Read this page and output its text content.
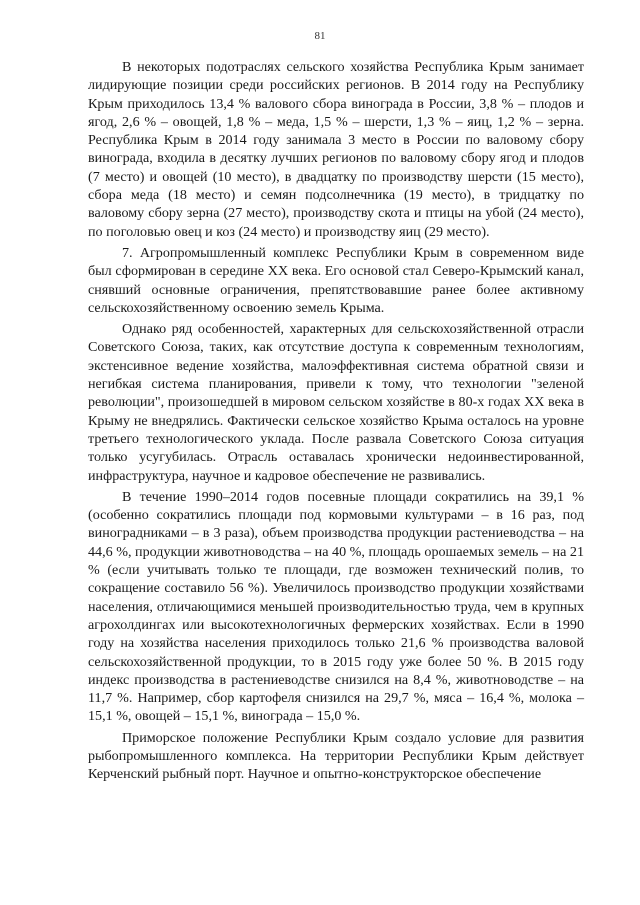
81

В некоторых подотраслях сельского хозяйства Республика Крым занимает лидирующие позиции среди российских регионов. В 2014 году на Республику Крым приходилось 13,4 % валового сбора винограда в России, 3,8 % – плодов и ягод, 2,6 % – овощей, 1,8 % – меда, 1,5 % – шерсти, 1,3 % – яиц, 1,2 % – зерна. Республика Крым в 2014 году занимала 3 место в России по валовому сбору винограда, входила в десятку лучших регионов по валовому сбору ягод и плодов (7 место) и овощей (10 место), в двадцатку по производству шерсти (15 место), сбора меда (18 место) и семян подсолнечника (19 место), в тридцатку по валовому сбору зерна (27 место), производству скота и птицы на убой (24 место), по поголовью овец и коз (24 место) и производству яиц (29 место).

7. Агропромышленный комплекс Республики Крым в современном виде был сформирован в середине XX века. Его основой стал Северо-Крымский канал, снявший основные ограничения, препятствовавшие ранее более активному сельскохозяйственному освоению земель Крыма.

Однако ряд особенностей, характерных для сельскохозяйственной отрасли Советского Союза, таких, как отсутствие доступа к современным технологиям, экстенсивное ведение хозяйства, малоэффективная система обратной связи и негибкая система планирования, привели к тому, что технологии "зеленой революции", произошедшей в мировом сельском хозяйстве в 80-х годах XX века в Крыму не внедрялись. Фактически сельское хозяйство Крыма осталось на уровне третьего технологического уклада. После развала Советского Союза ситуация только усугубилась. Отрасль оставалась хронически недоинвестированной, инфраструктура, научное и кадровое обеспечение не развивались.

В течение 1990–2014 годов посевные площади сократились на 39,1 % (особенно сократились площади под кормовыми культурами – в 16 раз, под виноградниками – в 3 раза), объем производства продукции растениеводства – на 44,6 %, продукции животноводства – на 40 %, площадь орошаемых земель – на 21 % (если учитывать только те площади, где возможен технический полив, то сокращение составило 56 %). Увеличилось производство продукции хозяйствами населения, отличающимися меньшей производительностью труда, чем в крупных агрохолдингах или высокотехнологичных фермерских хозяйствах. Если в 1990 году на хозяйства населения приходилось только 21,6 % производства валовой сельскохозяйственной продукции, то в 2015 году уже более 50 %. В 2015 году индекс производства в растениеводстве снизился на 8,4 %, животноводстве – на 11,7 %. Например, сбор картофеля снизился на 29,7 %, мяса – 16,4 %, молока – 15,1 %, овощей – 15,1 %, винограда – 15,0 %.

Приморское положение Республики Крым создало условие для развития рыбопромышленного комплекса. На территории Республики Крым действует Керченский рыбный порт. Научное и опытно-конструкторское обеспечение
